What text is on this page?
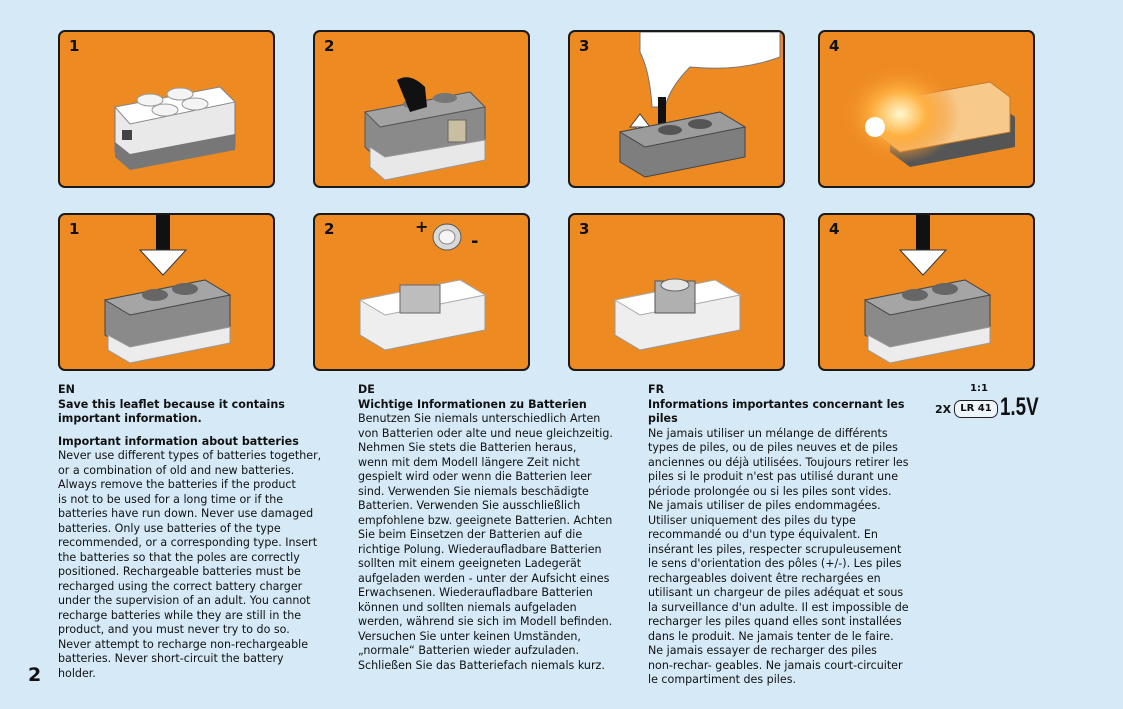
1	2	3	4
1	2	+
-
3	4

EN

Save this leaflet because it contains

important information.

Important information about batteries

Never use different types of batteries together,

or a combination of old and new batteries.

Always remove the batteries if the product

is not to be used for a long time or if the

batteries have run down. Never use damaged

batteries. Only use batteries of the type

recommended, or a corresponding type. Insert

the batteries so that the poles are correctly

positioned. Rechargeable batteries must be

recharged using the correct battery charger

under the supervision of an adult. You cannot

recharge batteries while they are still in the

product, and you must never try to do so.

Never attempt to recharge non-rechargeable

batteries. Never short-circuit the battery

holder.

DE

Wichtige Informationen zu Batterien

Benutzen Sie niemals unterschiedlich Arten

von Batterien oder alte und neue gleichzeitig.

Nehmen Sie stets die Batterien heraus,

wenn mit dem Modell längere Zeit nicht

gespielt wird oder wenn die Batterien leer

sind. Verwenden Sie niemals beschädigte

Batterien. Verwenden Sie ausschließlich

empfohlene bzw. geeignete Batterien. Achten

Sie beim Einsetzen der Batterien auf die

richtige Polung. Wiederaufladbare Batterien

sollten mit einem geeigneten Ladegerät

aufgeladen werden - unter der Aufsicht eines

Erwachsenen. Wiederaufladbare Batterien

können und sollten niemals aufgeladen

werden, während sie sich im Modell befinden.

Versuchen Sie unter keinen Umständen,

„normale“ Batterien wieder aufzuladen.

Schließen Sie das Batteriefach niemals kurz.

FR

Informations importantes concernant les piles

Ne jamais utiliser un mélange de différents

types de piles, ou de piles neuves et de piles

anciennes ou déjà utilisées. Toujours retirer les

piles si le produit n'est pas utilisé durant une

période prolongée ou si les piles sont vides.

Ne jamais utiliser de piles endommagées.

Utiliser uniquement des piles du type

recommandé ou d'un type équivalent. En

insérant les piles, respecter scrupuleusement

le sens d'orientation des pôles (+/-). Les piles

rechargeables doivent être rechargées en

utilisant un chargeur de piles adéquat et sous

la surveillance d'un adulte. Il est impossible de

recharger les piles quand elles sont installées

dans le produit. Ne jamais tenter de le faire.

Ne jamais essayer de recharger des piles

non-rechar- geables. Ne jamais court-circuiter

le compartiment des piles.

1:1
2X LR 41 1.5V
2
